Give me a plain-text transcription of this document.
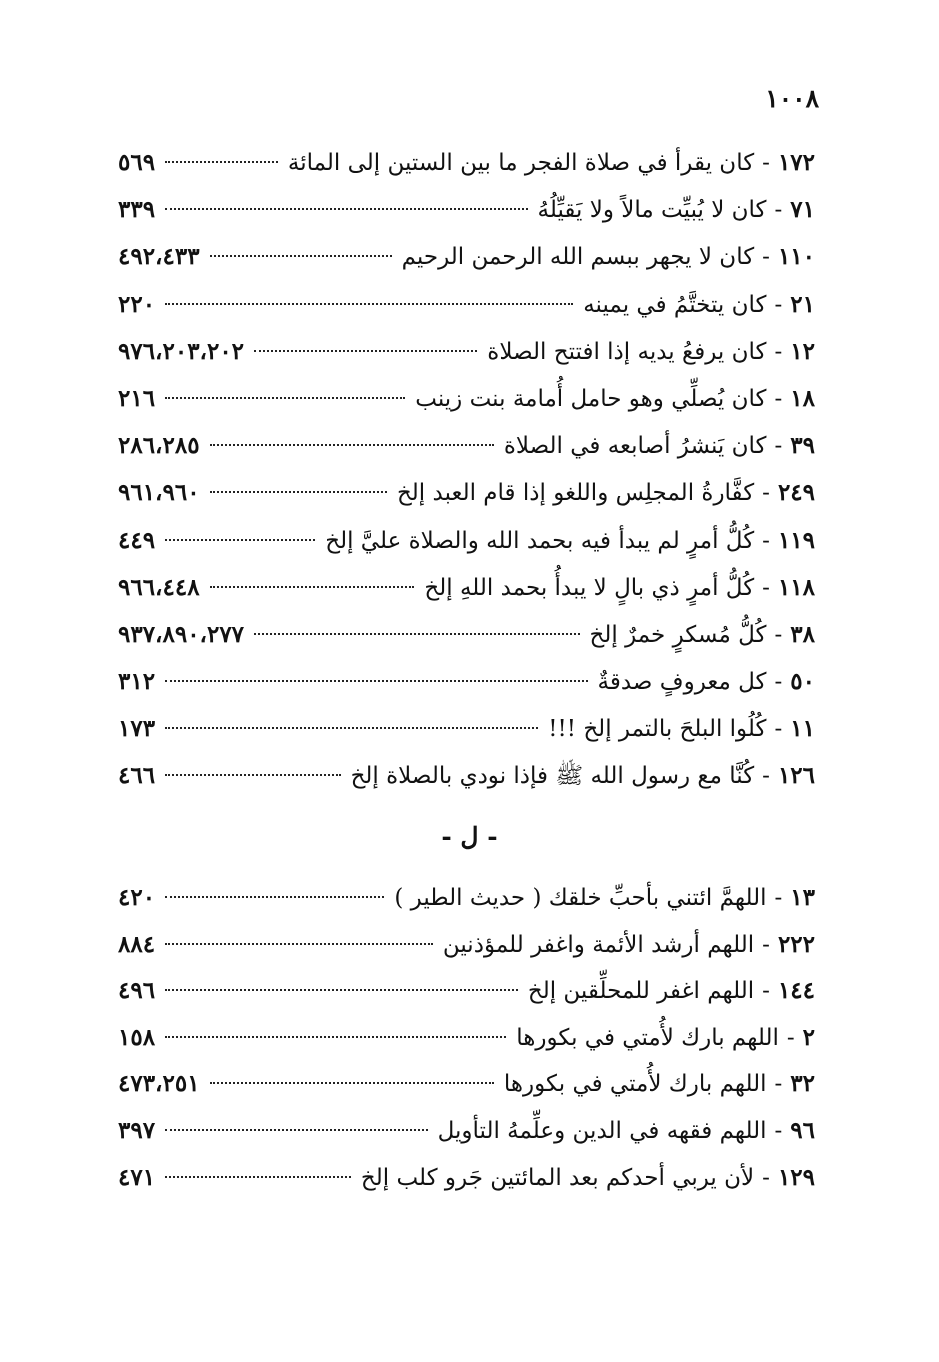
١٠٠٨
١٧٢
-
كان يقرأ في صلاة الفجر ما بين الستين إلى المائة
٥٦٩
٧١
-
كان لا يُبيِّت مالاً ولا يَقيِّلُهُ
٣٣٩
١١٠
-
كان لا يجهر ببسم الله الرحمن الرحيم
٤٩٢،٤٣٣
٢١
-
كان يتختَّمُ في يمينه
٢٢٠
١٢
-
كان يرفعُ يديه إذا افتتح الصلاة
٩٧٦،٢٠٣،٢٠٢
١٨
-
كان يُصلِّي وهو حامل أُمامة بنت زينب
٢١٦
٣٩
-
كان يَنشرُ أصابعه في الصلاة
٢٨٦،٢٨٥
٢٤٩
-
كفَّارةُ المجلِس واللغو إذا قام العبد إلخ
٩٦١،٩٦٠
١١٩
-
كُلُّ أمرٍ لم يبدأ فيه بحمد الله والصلاة عليَّ إلخ
٤٤٩
١١٨
-
كُلُّ أمرٍ ذي بالٍ لا يبدأُ بحمد اللهِ إلخ
٩٦٦،٤٤٨
٣٨
-
كُلُّ مُسكرٍ خمرٌ إلخ
٩٣٧،٨٩٠،٢٧٧
٥٠
-
كل معروفٍ صدقةٌ
٣١٢
١١
-
كُلُوا البلحَ بالتمر إلخ !!!
١٧٣
١٢٦
-
كُنَّا مع رسول الله ﷺ فإذا نودي بالصلاة إلخ
٤٦٦
- ل -
١٣
-
اللهمَّ ائتني بأحبِّ خلقك ( حديث الطير )
٤٢٠
٢٢٢
-
اللهم أرشد الأئمة واغفر للمؤذنين
٨٨٤
١٤٤
-
اللهم اغفر للمحلِّقين إلخ
٤٩٦
٢
-
اللهم بارك لأُمتي في بكورها
١٥٨
٣٢
-
اللهم بارك لأُمتي في بكورها
٤٧٣،٢٥١
٩٦
-
اللهم فقهه في الدين وعلِّمهُ التأويل
٣٩٧
١٢٩
-
لأن يربي أحدكم بعد المائتين جَرو كلب إلخ
٤٧١
